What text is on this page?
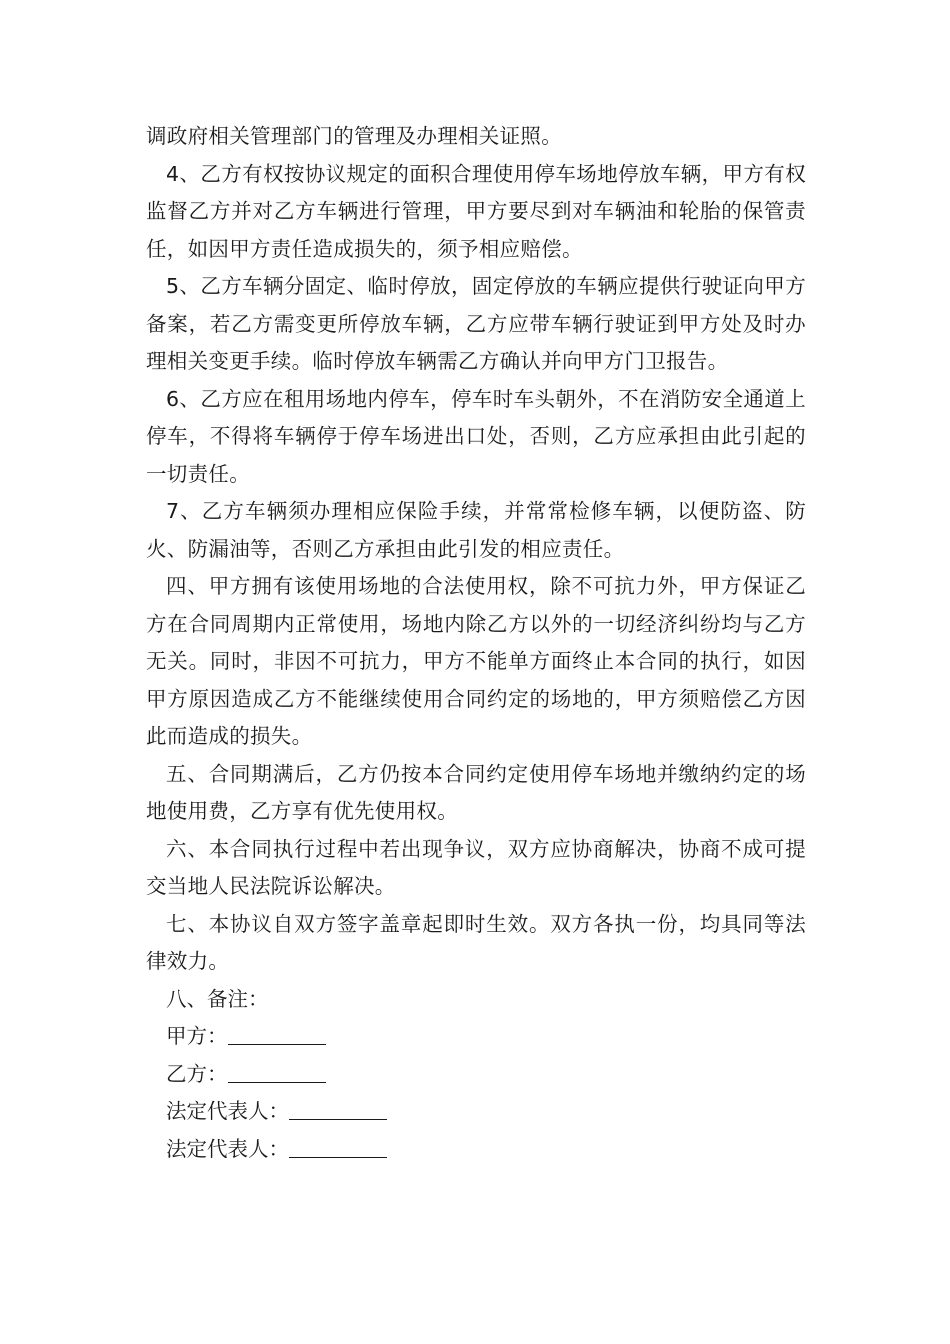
调政府相关管理部门的管理及办理相关证照。

4、乙方有权按协议规定的面积合理使用停车场地停放车辆，甲方有权监督乙方并对乙方车辆进行管理，甲方要尽到对车辆油和轮胎的保管责任，如因甲方责任造成损失的，须予相应赔偿。

5、乙方车辆分固定、临时停放，固定停放的车辆应提供行驶证向甲方备案，若乙方需变更所停放车辆，乙方应带车辆行驶证到甲方处及时办理相关变更手续。临时停放车辆需乙方确认并向甲方门卫报告。

6、乙方应在租用场地内停车，停车时车头朝外，不在消防安全通道上停车，不得将车辆停于停车场进出口处，否则，乙方应承担由此引起的一切责任。

7、乙方车辆须办理相应保险手续，并常常检修车辆，以便防盗、防火、防漏油等，否则乙方承担由此引发的相应责任。

四、甲方拥有该使用场地的合法使用权，除不可抗力外，甲方保证乙方在合同周期内正常使用，场地内除乙方以外的一切经济纠纷均与乙方无关。同时，非因不可抗力，甲方不能单方面终止本合同的执行，如因甲方原因造成乙方不能继续使用合同约定的场地的，甲方须赔偿乙方因此而造成的损失。

五、合同期满后，乙方仍按本合同约定使用停车场地并缴纳约定的场地使用费，乙方享有优先使用权。

六、本合同执行过程中若出现争议，双方应协商解决，协商不成可提交当地人民法院诉讼解决。

七、本协议自双方签字盖章起即时生效。双方各执一份，均具同等法律效力。

八、备注：

甲方：

乙方：

法定代表人：

法定代表人：
